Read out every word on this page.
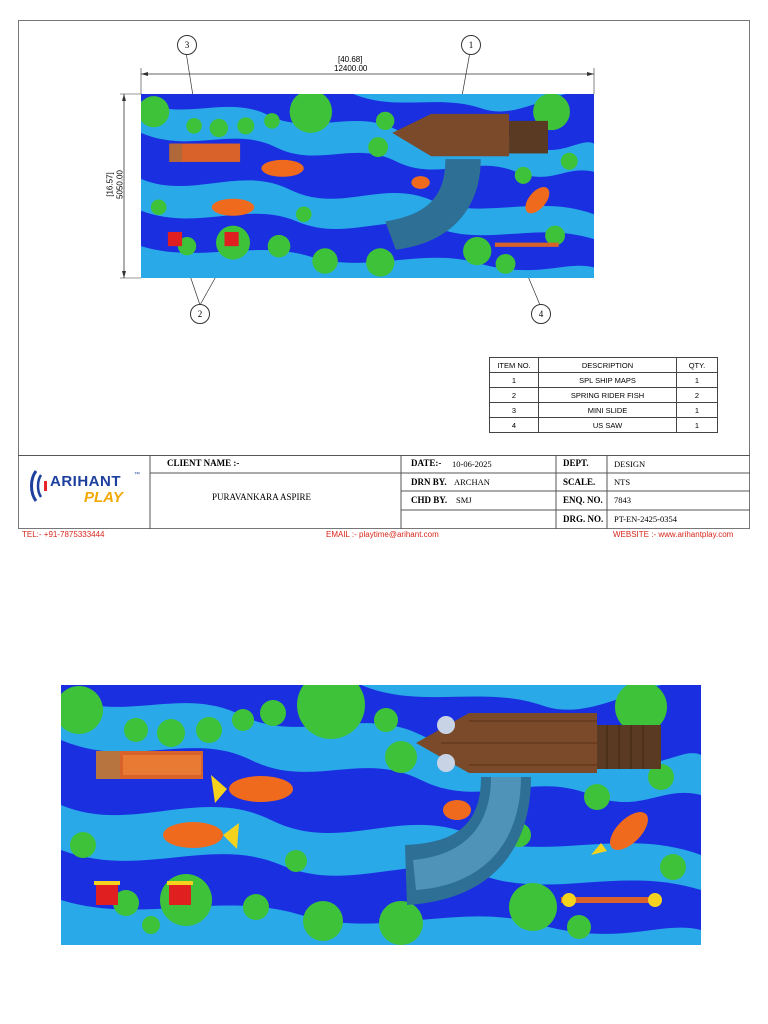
3	1
2	4
[40.68]
12400.00
[16.57] 5050.00
ITEM NO.	DESCRIPTION	QTY.
1	SPL SHIP MAPS	1
2	SPRING RIDER FISH	2
3	MINI SLIDE	1
4	US SAW	1
ARIHANT ™
PLAY
CLIENT NAME :-
PURAVANKARA ASPIRE
DATE:- 10-06-2025
DRN BY. ARCHAN
CHD BY. SMJ
DEPT.	DESIGN
SCALE. NTS
ENQ. NO. 7843
DRG. NO. PT-EN-2425-0354
TEL:- +91-7875333444	EMAIL :- playtime@arihant.com	WEBSITE :- www.arihantplay.com
